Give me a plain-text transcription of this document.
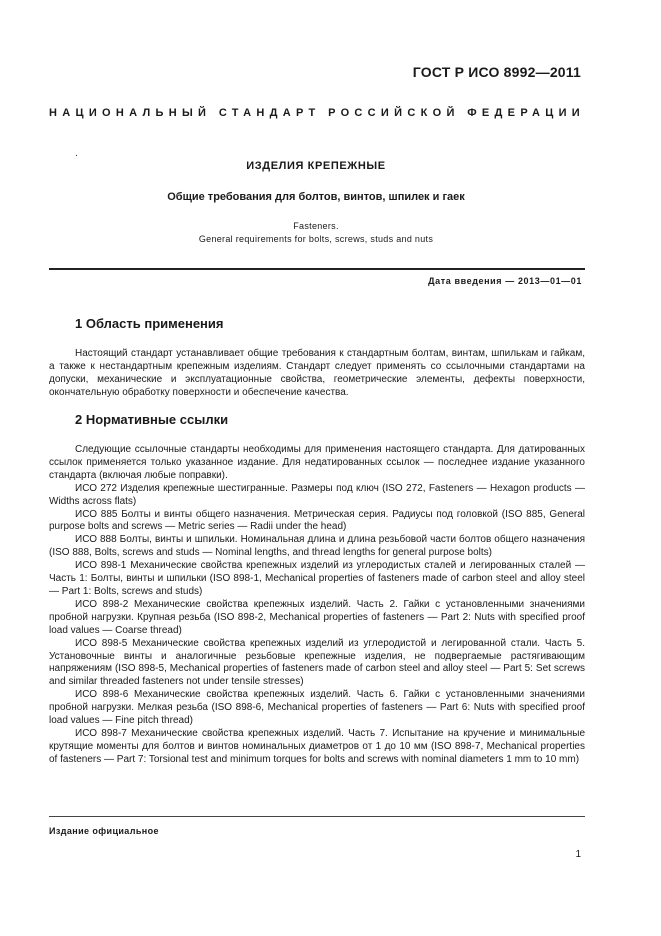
ГОСТ Р ИСО 8992—2011
НАЦИОНАЛЬНЫЙ СТАНДАРТ РОССИЙСКОЙ ФЕДЕРАЦИИ
.
ИЗДЕЛИЯ КРЕПЕЖНЫЕ
Общие требования для болтов, винтов, шпилек и гаек
Fasteners.
General requirements for bolts, screws, studs and nuts
Дата введения — 2013—01—01
1 Область применения

Настоящий стандарт устанавливает общие требования к стандартным болтам, винтам, шпилькам и гайкам, а также к нестандартным крепежным изделиям. Стандарт следует применять со ссылочными стандартами на допуски, механические и эксплуатационные свойства, геометрические элементы, дефекты поверхности, окончательную обработку поверхности и обеспечение качества.

2 Нормативные ссылки

Следующие ссылочные стандарты необходимы для применения настоящего стандарта. Для датированных ссылок применяется только указанное издание. Для недатированных ссылок — последнее издание указанного стандарта (включая любые поправки).

ИСО 272 Изделия крепежные шестигранные. Размеры под ключ (ISO 272, Fasteners — Hexagon products — Widths across flats)

ИСО 885 Болты и винты общего назначения. Метрическая серия. Радиусы под головкой (ISO 885, General purpose bolts and screws — Metric series — Radii under the head)

ИСО 888 Болты, винты и шпильки. Номинальная длина и длина резьбовой части болтов общего назначения (ISO 888, Bolts, screws and studs — Nominal lengths, and thread lengths for general purpose bolts)

ИСО 898-1 Механические свойства крепежных изделий из углеродистых сталей и легированных сталей — Часть 1: Болты, винты и шпильки (ISO 898-1, Mechanical properties of fasteners made of carbon steel and alloy steel — Part 1: Bolts, screws and studs)

ИСО 898-2 Механические свойства крепежных изделий. Часть 2. Гайки с установленными значениями пробной нагрузки. Крупная резьба (ISO 898-2, Mechanical properties of fasteners — Part 2: Nuts with specified proof load values — Coarse thread)

ИСО 898-5 Механические свойства крепежных изделий из углеродистой и легированной стали. Часть 5. Установочные винты и аналогичные резьбовые крепежные изделия, не подвергаемые растягивающим напряжениям (ISO 898-5, Mechanical properties of fasteners made of carbon steel and alloy steel — Part 5: Set screws and similar threaded fasteners not under tensile stresses)

ИСО 898-6 Механические свойства крепежных изделий. Часть 6. Гайки с установленными значениями пробной нагрузки. Мелкая резьба (ISO 898-6, Mechanical properties of fasteners — Part 6: Nuts with specified proof load values — Fine pitch thread)

ИСО 898-7 Механические свойства крепежных изделий. Часть 7. Испытание на кручение и минимальные крутящие моменты для болтов и винтов номинальных диаметров от 1 до 10 мм (ISO 898-7, Mechanical properties of fasteners — Part 7: Torsional test and minimum torques for bolts and screws with nominal diameters 1 mm to 10 mm)

Издание официальное
1
